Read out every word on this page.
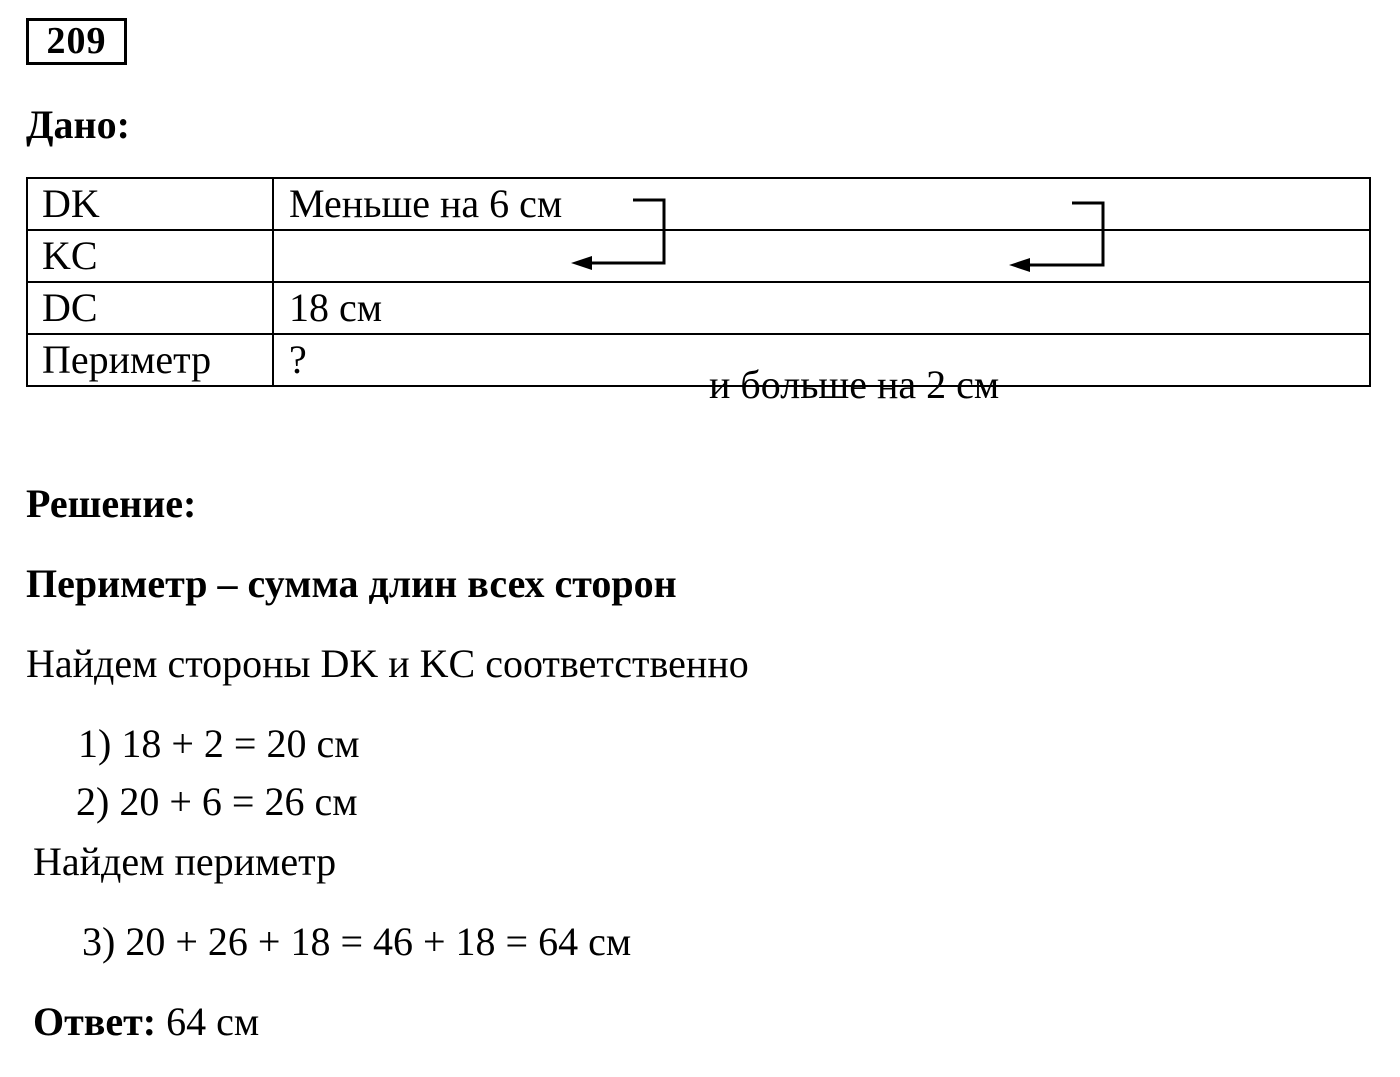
209
Дано:
DK	Меньше на 6 см
и больше на 2 см

KC	
DC	18 см
Периметр	?
Решение:
Периметр – сумма длин всех сторон
Найдем стороны DK и KC соответственно
1) 18 + 2 = 20 см
2) 20 + 6 = 26 см
Найдем периметр
3) 20 + 26 + 18 = 46 + 18 = 64 см
Ответ: 64 см
